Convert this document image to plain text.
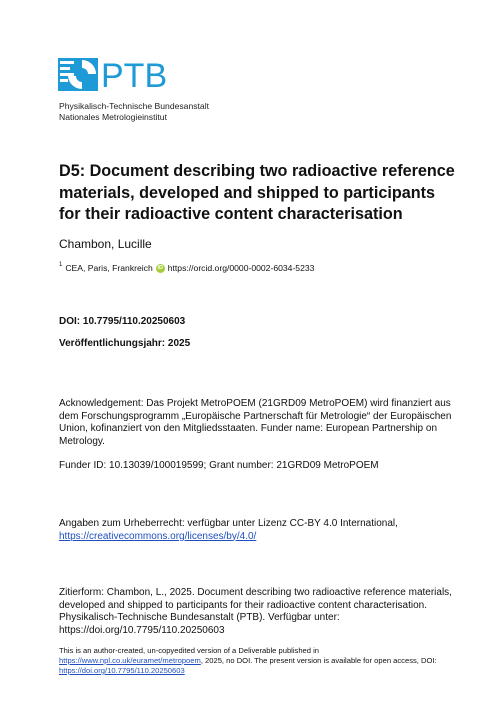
PTB
Physikalisch-Technische Bundesanstalt
Nationales Metrologieinstitut
D5: Document describing two radioactive reference materials, developed and shipped to participants for their radioactive content characterisation
Chambon, Lucille
$^1$ CEA, Paris, Frankreich iD https://orcid.org/0000-0002-6034-5233
DOI: 10.7795/110.20250603
Veröffentlichungsjahr: 2025
Acknowledgement: Das Projekt MetroPOEM (21GRD09 MetroPOEM) wird finanziert aus dem Forschungsprogramm „Europäische Partnerschaft für Metrologie“ der Europäischen Union, kofinanziert von den Mitgliedsstaaten. Funder name: European Partnership on Metrology.
Funder ID: 10.13039/100019599; Grant number: 21GRD09 MetroPOEM
Angaben zum Urheberrecht: verfügbar unter Lizenz CC-BY 4.0 International,
https://creativecommons.org/licenses/by/4.0/
Zitierform: Chambon, L., 2025. Document describing two radioactive reference materials, developed and shipped to participants for their radioactive content characterisation. Physikalisch-Technische Bundesanstalt (PTB). Verfügbar unter: https://doi.org/10.7795/110.20250603
This is an author-created, un-copyedited version of a Deliverable published in https://www.npl.co.uk/euramet/metropoem, 2025, no DOI. The present version is available for open access, DOI: https://doi.org/10.7795/110.20250603
